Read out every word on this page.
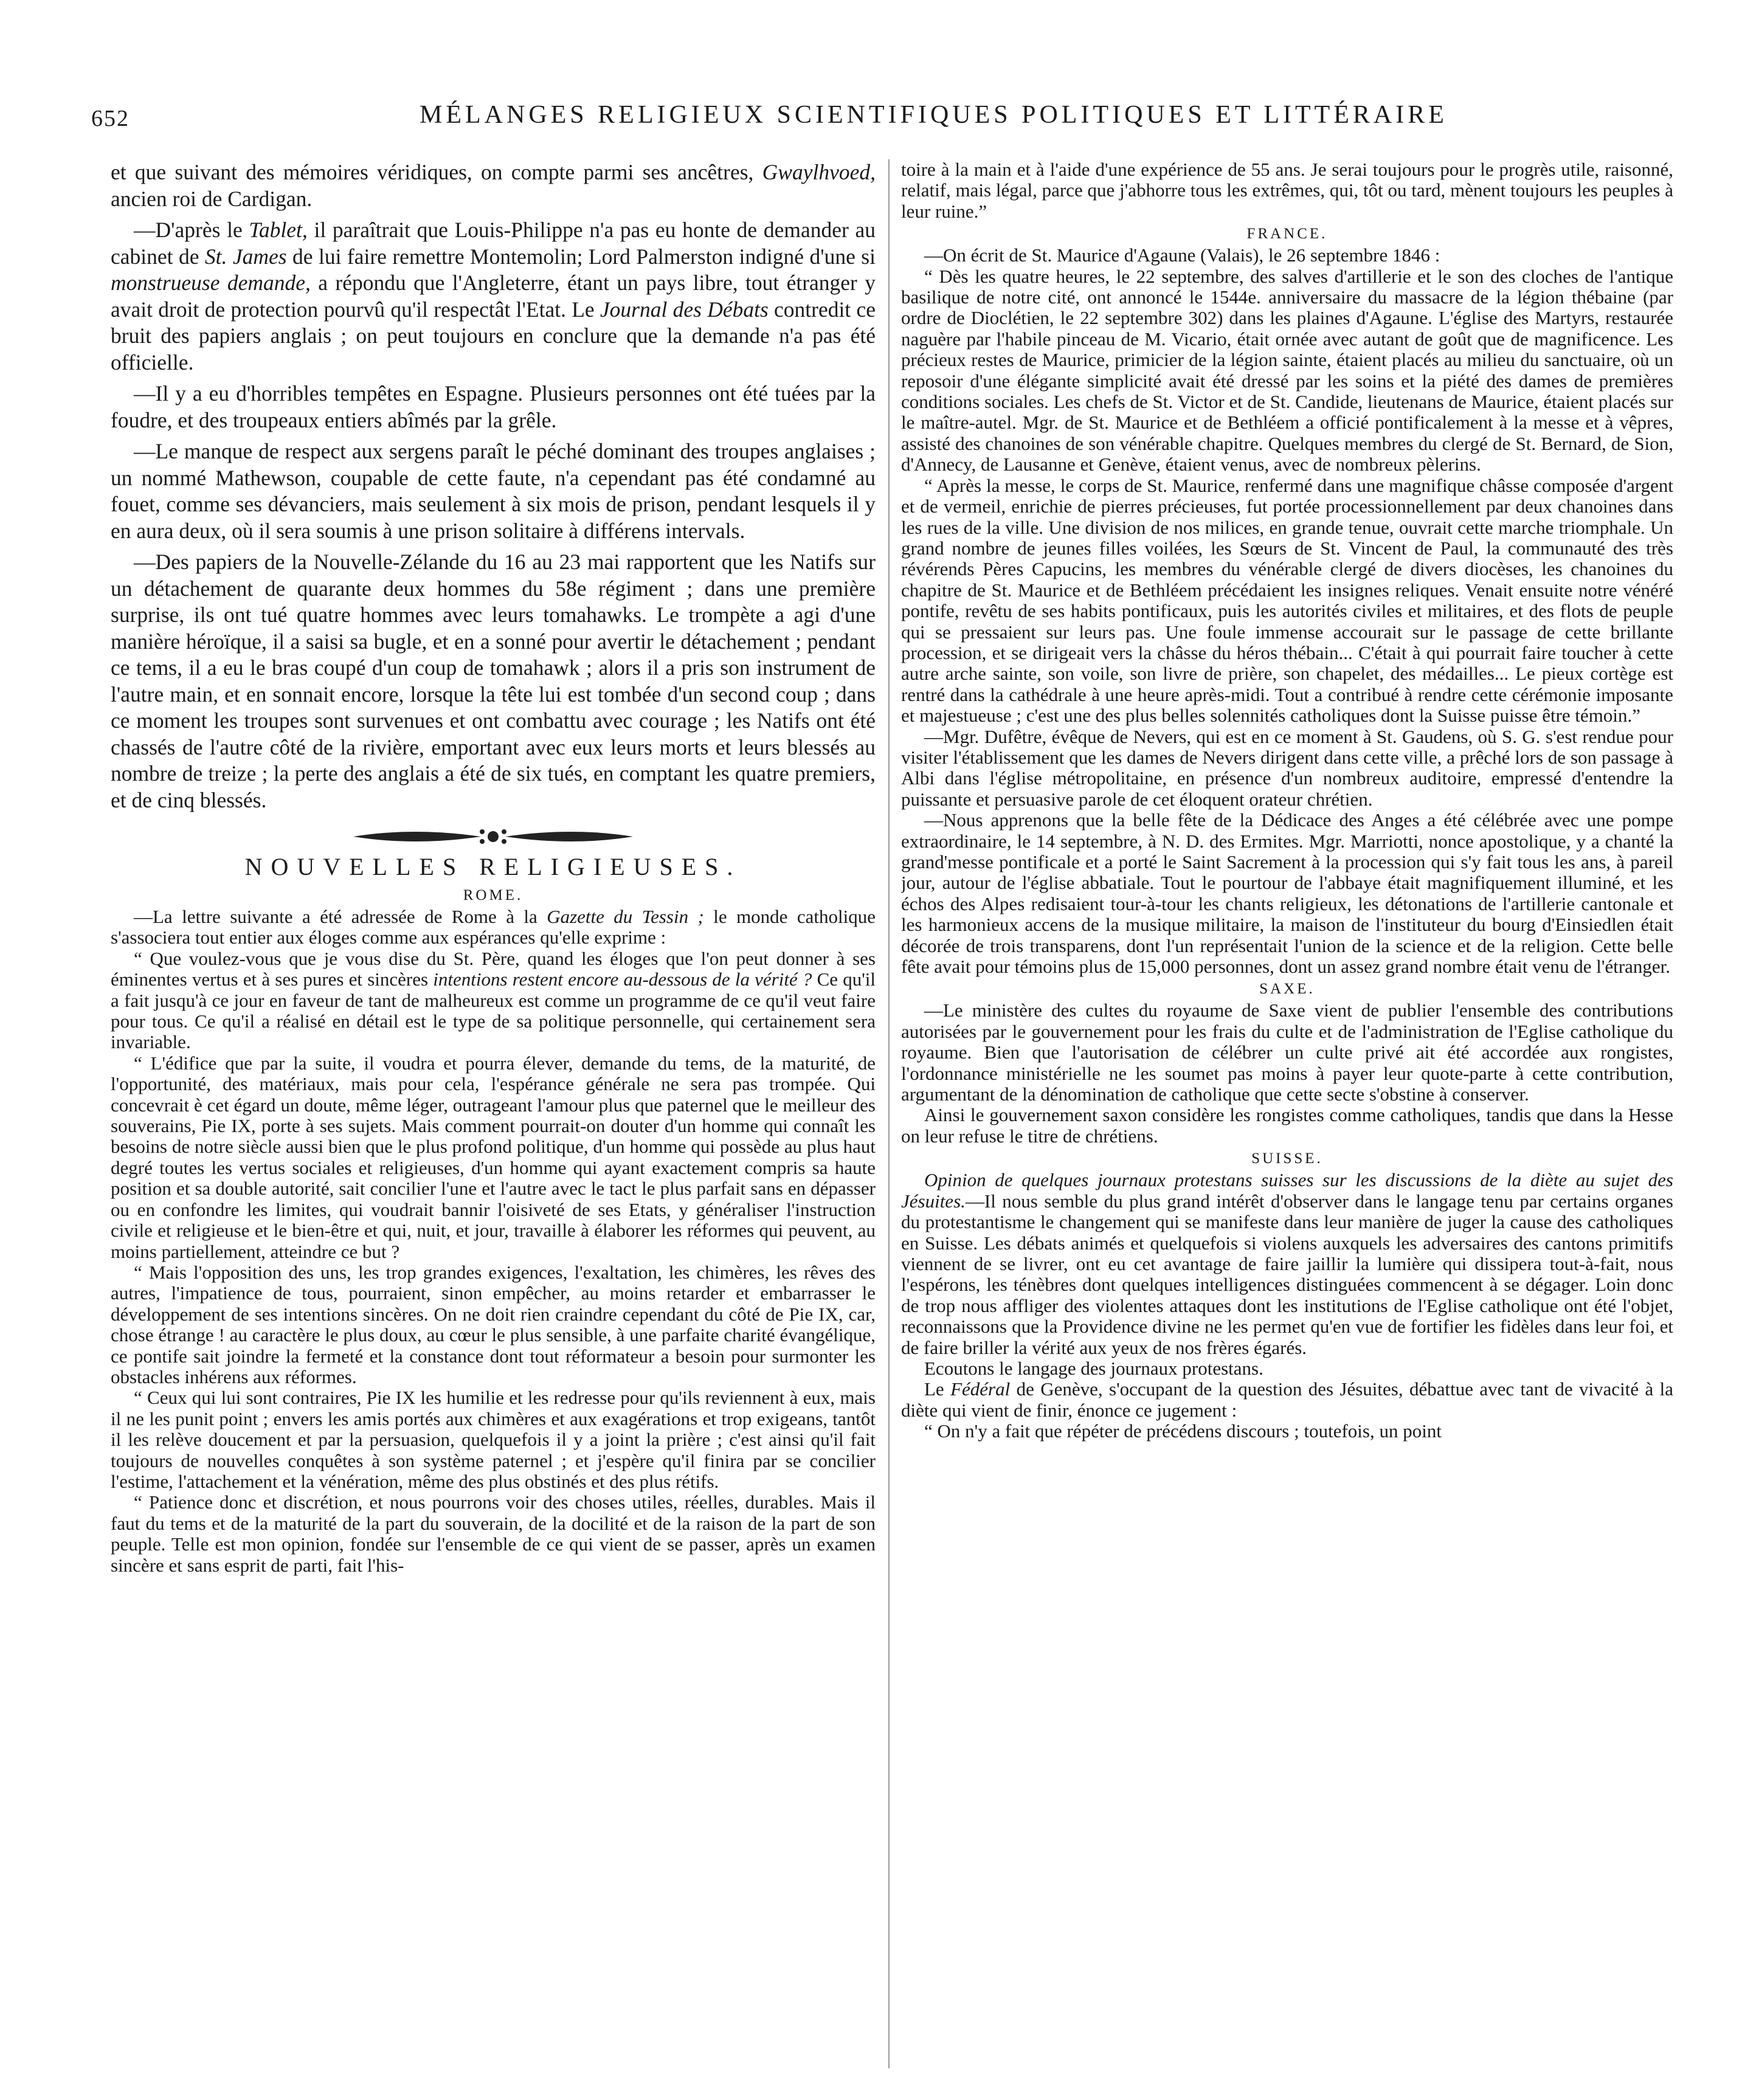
652	MÉLANGES RELIGIEUX SCIENTIFIQUES POLITIQUES ET LITTÉRAIRE

et que suivant des mémoires véridiques, on compte parmi ses ancêtres, Gwaylhvoed, ancien roi de Cardigan.

—D'après le Tablet, il paraîtrait que Louis-Philippe n'a pas eu honte de demander au cabinet de St. James de lui faire remettre Montemolin; Lord Palmerston indigné d'une si monstrueuse demande, a répondu que l'Angleterre, étant un pays libre, tout étranger y avait droit de protection pourvû qu'il respectât l'Etat. Le Journal des Débats contredit ce bruit des papiers anglais ; on peut toujours en conclure que la demande n'a pas été officielle.

—Il y a eu d'horribles tempêtes en Espagne. Plusieurs personnes ont été tuées par la foudre, et des troupeaux entiers abîmés par la grêle.

—Le manque de respect aux sergens paraît le péché dominant des troupes anglaises ; un nommé Mathewson, coupable de cette faute, n'a cependant pas été condamné au fouet, comme ses dévanciers, mais seulement à six mois de prison, pendant lesquels il y en aura deux, où il sera soumis à une prison solitaire à différens intervals.

—Des papiers de la Nouvelle-Zélande du 16 au 23 mai rapportent que les Natifs sur un détachement de quarante deux hommes du 58e régiment ; dans une première surprise, ils ont tué quatre hommes avec leurs tomahawks. Le trompète a agi d'une manière héroïque, il a saisi sa bugle, et en a sonné pour avertir le détachement ; pendant ce tems, il a eu le bras coupé d'un coup de tomahawk ; alors il a pris son instrument de l'autre main, et en sonnait encore, lorsque la tête lui est tombée d'un second coup ; dans ce moment les troupes sont survenues et ont combattu avec courage ; les Natifs ont été chassés de l'autre côté de la rivière, emportant avec eux leurs morts et leurs blessés au nombre de treize ; la perte des anglais a été de six tués, en comptant les quatre premiers, et de cinq blessés.

NOUVELLES RELIGIEUSES.
ROME.

—La lettre suivante a été adressée de Rome à la Gazette du Tessin ; le monde catholique s'associera tout entier aux éloges comme aux espérances qu'elle exprime :

“ Que voulez-vous que je vous dise du St. Père, quand les éloges que l'on peut donner à ses éminentes vertus et à ses pures et sincères intentions restent encore au-dessous de la vérité ? Ce qu'il a fait jusqu'à ce jour en faveur de tant de malheureux est comme un programme de ce qu'il veut faire pour tous. Ce qu'il a réalisé en détail est le type de sa politique personnelle, qui certainement sera invariable.

“ L'édifice que par la suite, il voudra et pourra élever, demande du tems, de la maturité, de l'opportunité, des matériaux, mais pour cela, l'espérance générale ne sera pas trompée. Qui concevrait è cet égard un doute, même léger, outrageant l'amour plus que paternel que le meilleur des souverains, Pie IX, porte à ses sujets. Mais comment pourrait-on douter d'un homme qui connaît les besoins de notre siècle aussi bien que le plus profond politique, d'un homme qui possède au plus haut degré toutes les vertus sociales et religieuses, d'un homme qui ayant exactement compris sa haute position et sa double autorité, sait concilier l'une et l'autre avec le tact le plus parfait sans en dépasser ou en confondre les limites, qui voudrait bannir l'oisiveté de ses Etats, y généraliser l'instruction civile et religieuse et le bien-être et qui, nuit, et jour, travaille à élaborer les réformes qui peuvent, au moins partiellement, atteindre ce but ?

“ Mais l'opposition des uns, les trop grandes exigences, l'exaltation, les chimères, les rêves des autres, l'impatience de tous, pourraient, sinon empêcher, au moins retarder et embarrasser le développement de ses intentions sincères. On ne doit rien craindre cependant du côté de Pie IX, car, chose étrange ! au caractère le plus doux, au cœur le plus sensible, à une parfaite charité évangélique, ce pontife sait joindre la fermeté et la constance dont tout réformateur a besoin pour surmonter les obstacles inhérens aux réformes.

“ Ceux qui lui sont contraires, Pie IX les humilie et les redresse pour qu'ils reviennent à eux, mais il ne les punit point ; envers les amis portés aux chimères et aux exagérations et trop exigeans, tantôt il les relève doucement et par la persuasion, quelquefois il y a joint la prière ; c'est ainsi qu'il fait toujours de nouvelles conquêtes à son système paternel ; et j'espère qu'il finira par se concilier l'estime, l'attachement et la vénération, même des plus obstinés et des plus rétifs.

“ Patience donc et discrétion, et nous pourrons voir des choses utiles, réelles, durables. Mais il faut du tems et de la maturité de la part du souverain, de la docilité et de la raison de la part de son peuple. Telle est mon opinion, fondée sur l'ensemble de ce qui vient de se passer, après un examen sincère et sans esprit de parti, fait l'his-

toire à la main et à l'aide d'une expérience de 55 ans. Je serai toujours pour le progrès utile, raisonné, relatif, mais légal, parce que j'abhorre tous les extrêmes, qui, tôt ou tard, mènent toujours les peuples à leur ruine.”

FRANCE.

—On écrit de St. Maurice d'Agaune (Valais), le 26 septembre 1846 :

“ Dès les quatre heures, le 22 septembre, des salves d'artillerie et le son des cloches de l'antique basilique de notre cité, ont annoncé le 1544e. anniversaire du massacre de la légion thébaine (par ordre de Dioclétien, le 22 septembre 302) dans les plaines d'Agaune. L'église des Martyrs, restaurée naguère par l'habile pinceau de M. Vicario, était ornée avec autant de goût que de magnificence. Les précieux restes de Maurice, primicier de la légion sainte, étaient placés au milieu du sanctuaire, où un reposoir d'une élégante simplicité avait été dressé par les soins et la piété des dames de premières conditions sociales. Les chefs de St. Victor et de St. Candide, lieutenans de Maurice, étaient placés sur le maître-autel. Mgr. de St. Maurice et de Bethléem a officié pontificalement à la messe et à vêpres, assisté des chanoines de son vénérable chapitre. Quelques membres du clergé de St. Bernard, de Sion, d'Annecy, de Lausanne et Genève, étaient venus, avec de nombreux pèlerins.

“ Après la messe, le corps de St. Maurice, renfermé dans une magnifique châsse composée d'argent et de vermeil, enrichie de pierres précieuses, fut portée processionnellement par deux chanoines dans les rues de la ville. Une division de nos milices, en grande tenue, ouvrait cette marche triomphale. Un grand nombre de jeunes filles voilées, les Sœurs de St. Vincent de Paul, la communauté des très révérends Pères Capucins, les membres du vénérable clergé de divers diocèses, les chanoines du chapitre de St. Maurice et de Bethléem précédaient les insignes reliques. Venait ensuite notre vénéré pontife, revêtu de ses habits pontificaux, puis les autorités civiles et militaires, et des flots de peuple qui se pressaient sur leurs pas. Une foule immense accourait sur le passage de cette brillante procession, et se dirigeait vers la châsse du héros thébain... C'était à qui pourrait faire toucher à cette autre arche sainte, son voile, son livre de prière, son chapelet, des médailles... Le pieux cortège est rentré dans la cathédrale à une heure après-midi. Tout a contribué à rendre cette cérémonie imposante et majestueuse ; c'est une des plus belles solennités catholiques dont la Suisse puisse être témoin.”

—Mgr. Dufêtre, évêque de Nevers, qui est en ce moment à St. Gaudens, où S. G. s'est rendue pour visiter l'établissement que les dames de Nevers dirigent dans cette ville, a prêché lors de son passage à Albi dans l'église métropolitaine, en présence d'un nombreux auditoire, empressé d'entendre la puissante et persuasive parole de cet éloquent orateur chrétien.

—Nous apprenons que la belle fête de la Dédicace des Anges a été célébrée avec une pompe extraordinaire, le 14 septembre, à N. D. des Ermites. Mgr. Marriotti, nonce apostolique, y a chanté la grand'messe pontificale et a porté le Saint Sacrement à la procession qui s'y fait tous les ans, à pareil jour, autour de l'église abbatiale. Tout le pourtour de l'abbaye était magnifiquement illuminé, et les échos des Alpes redisaient tour-à-tour les chants religieux, les détonations de l'artillerie cantonale et les harmonieux accens de la musique militaire, la maison de l'instituteur du bourg d'Einsiedlen était décorée de trois transparens, dont l'un représentait l'union de la science et de la religion. Cette belle fête avait pour témoins plus de 15,000 personnes, dont un assez grand nombre était venu de l'étranger.

SAXE.

—Le ministère des cultes du royaume de Saxe vient de publier l'ensemble des contributions autorisées par le gouvernement pour les frais du culte et de l'administration de l'Eglise catholique du royaume. Bien que l'autorisation de célébrer un culte privé ait été accordée aux rongistes, l'ordonnance ministérielle ne les soumet pas moins à payer leur quote-parte à cette contribution, argumentant de la dénomination de catholique que cette secte s'obstine à conserver.

Ainsi le gouvernement saxon considère les rongistes comme catholiques, tandis que dans la Hesse on leur refuse le titre de chrétiens.

SUISSE.

Opinion de quelques journaux protestans suisses sur les discussions de la diète au sujet des Jésuites.—Il nous semble du plus grand intérêt d'observer dans le langage tenu par certains organes du protestantisme le changement qui se manifeste dans leur manière de juger la cause des catholiques en Suisse. Les débats animés et quelquefois si violens auxquels les adversaires des cantons primitifs viennent de se livrer, ont eu cet avantage de faire jaillir la lumière qui dissipera tout-à-fait, nous l'espérons, les ténèbres dont quelques intelligences distinguées commencent à se dégager. Loin donc de trop nous affliger des violentes attaques dont les institutions de l'Eglise catholique ont été l'objet, reconnaissons que la Providence divine ne les permet qu'en vue de fortifier les fidèles dans leur foi, et de faire briller la vérité aux yeux de nos frères égarés.

Ecoutons le langage des journaux protestans.

Le Fédéral de Genève, s'occupant de la question des Jésuites, débattue avec tant de vivacité à la diète qui vient de finir, énonce ce jugement :

“ On n'y a fait que répéter de précédens discours ; toutefois, un point
